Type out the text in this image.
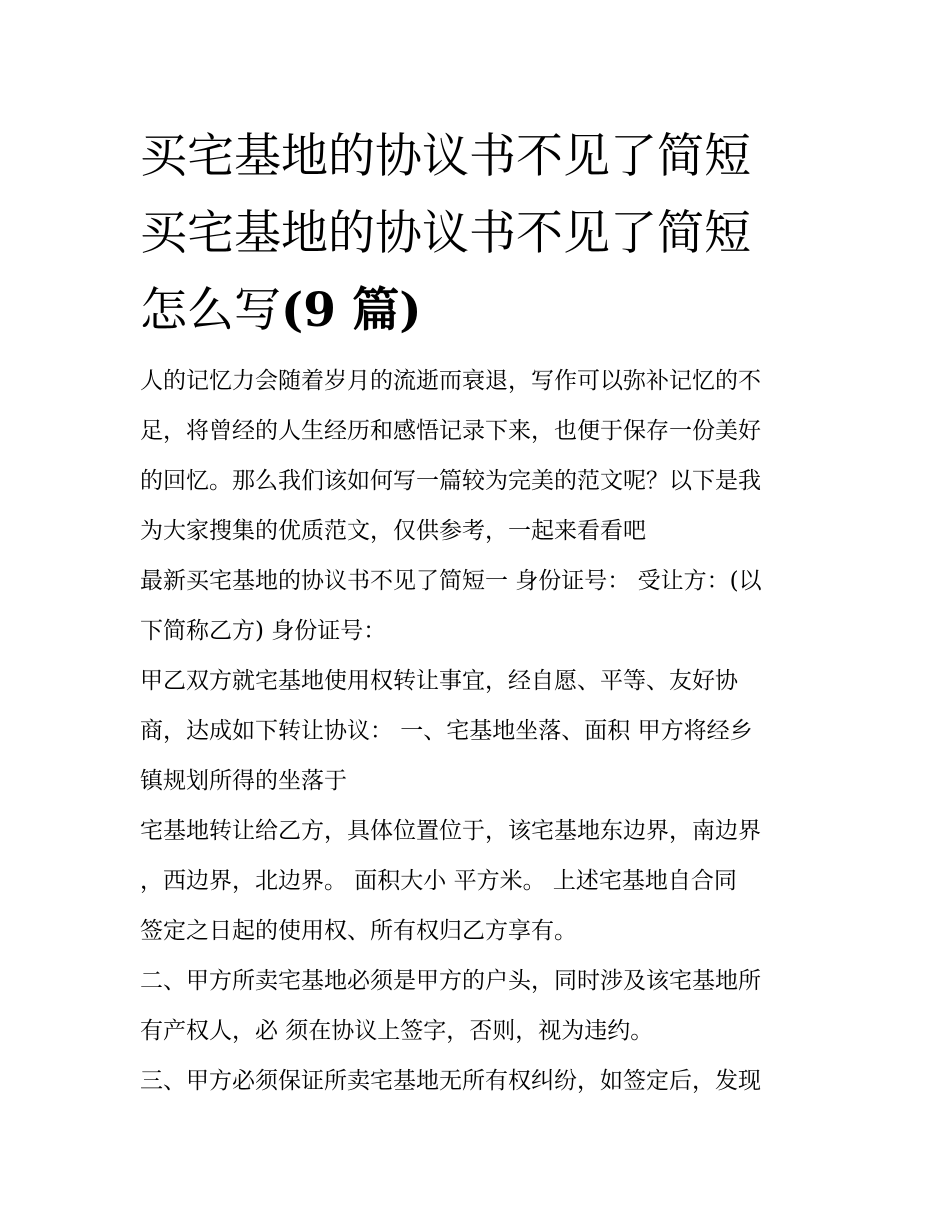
买宅基地的协议书不见了简短
买宅基地的协议书不见了简短
怎么写(9 篇)
人的记忆力会随着岁月的流逝而衰退，写作可以弥补记忆的不
足，将曾经的人生经历和感悟记录下来，也便于保存一份美好
的回忆。那么我们该如何写一篇较为完美的范文呢？以下是我
为大家搜集的优质范文，仅供参考，一起来看看吧
最新买宅基地的协议书不见了简短一 身份证号： 受让方：(以
下简称乙方) 身份证号：
甲乙双方就宅基地使用权转让事宜，经自愿、平等、友好协
商，达成如下转让协议： 一、宅基地坐落、面积 甲方将经乡
镇规划所得的坐落于
宅基地转让给乙方，具体位置位于，该宅基地东边界，南边界
，西边界，北边界。 面积大小 平方米。 上述宅基地自合同
签定之日起的使用权、所有权归乙方享有。
二、甲方所卖宅基地必须是甲方的户头，同时涉及该宅基地所
有产权人，必 须在协议上签字，否则，视为违约。
三、甲方必须保证所卖宅基地无所有权纠纷，如签定后，发现
